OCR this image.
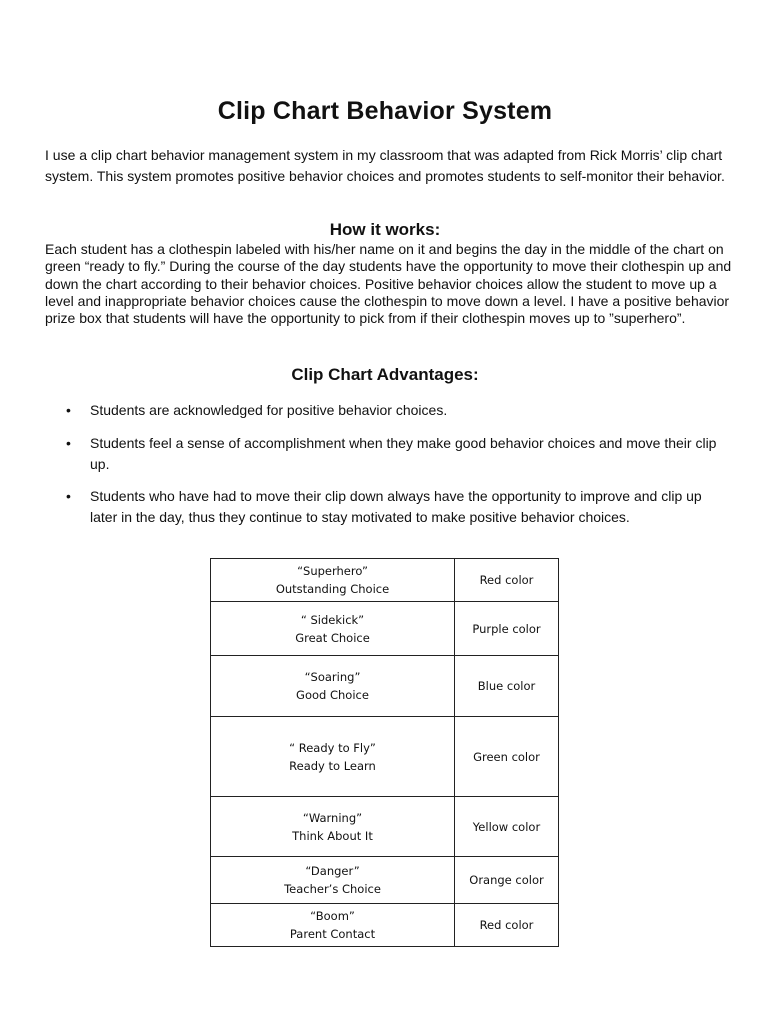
Clip Chart Behavior System
I use a clip chart behavior management system in my classroom that was adapted from Rick Morris’ clip chart system. This system promotes positive behavior choices and promotes students to self-monitor their behavior.
How it works:
Each student has a clothespin labeled with his/her name on it and begins the day in the middle of the chart on green “ready to fly.” During the course of the day students have the opportunity to move their clothespin up and down the chart according to their behavior choices. Positive behavior choices allow the student to move up a level and inappropriate behavior choices cause the clothespin to move down a level. I have a positive behavior prize box that students will have the opportunity to pick from if their clothespin moves up to ”superhero”.
Clip Chart Advantages:
• Students are acknowledged for positive behavior choices.
• Students feel a sense of accomplishment when they make good behavior choices and move their clip up.
• Students who have had to move their clip down always have the opportunity to improve and clip up later in the day, thus they continue to stay motivated to make positive behavior choices.
“Superhero”
Outstanding Choice	Red color

“ Sidekick”
Great Choice	Purple color

“Soaring”
Good Choice	Blue color

“ Ready to Fly”
Ready to Learn	Green color

“Warning”
Think About It	Yellow color

“Danger”
Teacher’s Choice	Orange color

“Boom”
Parent Contact	Red color
